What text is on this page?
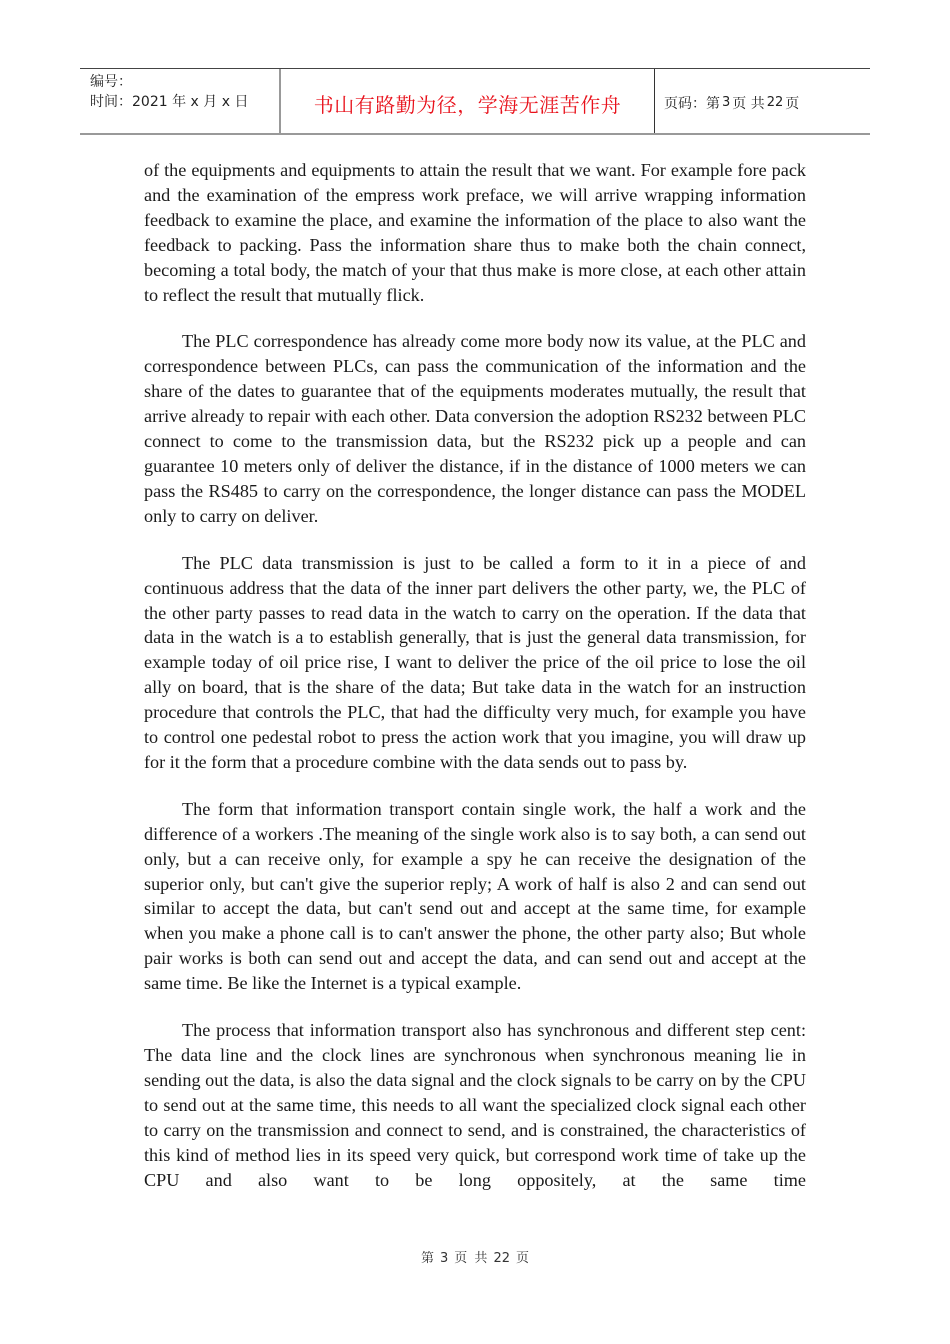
编号：
时间：2021 年 x 月 x 日	书山有路勤为径，学海无涯苦作舟	页码：第 3 页 共 22 页

of the equipments and equipments to attain the result that we want. For example fore pack and the examination of the empress work preface, we will arrive wrapping information feedback to examine the place, and examine the information of the place to also want the feedback to packing. Pass the information share thus to make both the chain connect, becoming a total body, the match of your that thus make is more close, at each other attain to reflect the result that mutually flick.

The PLC correspondence has already come more body now its value, at the PLC and correspondence between PLCs, can pass the communication of the information and the share of the dates to guarantee that of the equipments moderates mutually, the result that arrive already to repair with each other. Data conversion the adoption RS232 between PLC connect to come to the transmission data, but the RS232 pick up a people and can guarantee 10 meters only of deliver the distance, if in the distance of 1000 meters we can pass the RS485 to carry on the correspondence, the longer distance can pass the MODEL only to carry on deliver.

The PLC data transmission is just to be called a form to it in a piece of and continuous address that the data of the inner part delivers the other party, we, the PLC of the other party passes to read data in the watch to carry on the operation. If the data that data in the watch is a to establish generally, that is just the general data transmission, for example today of oil price rise, I want to deliver the price of the oil price to lose the oil ally on board, that is the share of the data; But take data in the watch for an instruction procedure that controls the PLC, that had the difficulty very much, for example you have to control one pedestal robot to press the action work that you imagine, you will draw up for it the form that a procedure combine with the data sends out to pass by.

The form that information transport contain single work, the half a work and the difference of a workers .The meaning of the single work also is to say both, a can send out only, but a can receive only, for example a spy he can receive the designation of the superior only, but can't give the superior reply; A work of half is also 2 and can send out similar to accept the data, but can't send out and accept at the same time, for example when you make a phone call is to can't answer the phone, the other party also; But whole pair works is both can send out and accept the data, and can send out and accept at the same time. Be like the Internet is a typical example.

The process that information transport also has synchronous and different step cent: The data line and the clock lines are synchronous when synchronous meaning lie in sending out the data, is also the data signal and the clock signals to be carry on by the CPU to send out at the same time, this needs to all want the specialized clock signal each other to carry on the transmission and connect to send, and is constrained, the characteristics of this kind of method lies in its speed very quick, but correspond work time of take up the CPU and also want to be long oppositely, at the same time

第 3 页 共 22 页
